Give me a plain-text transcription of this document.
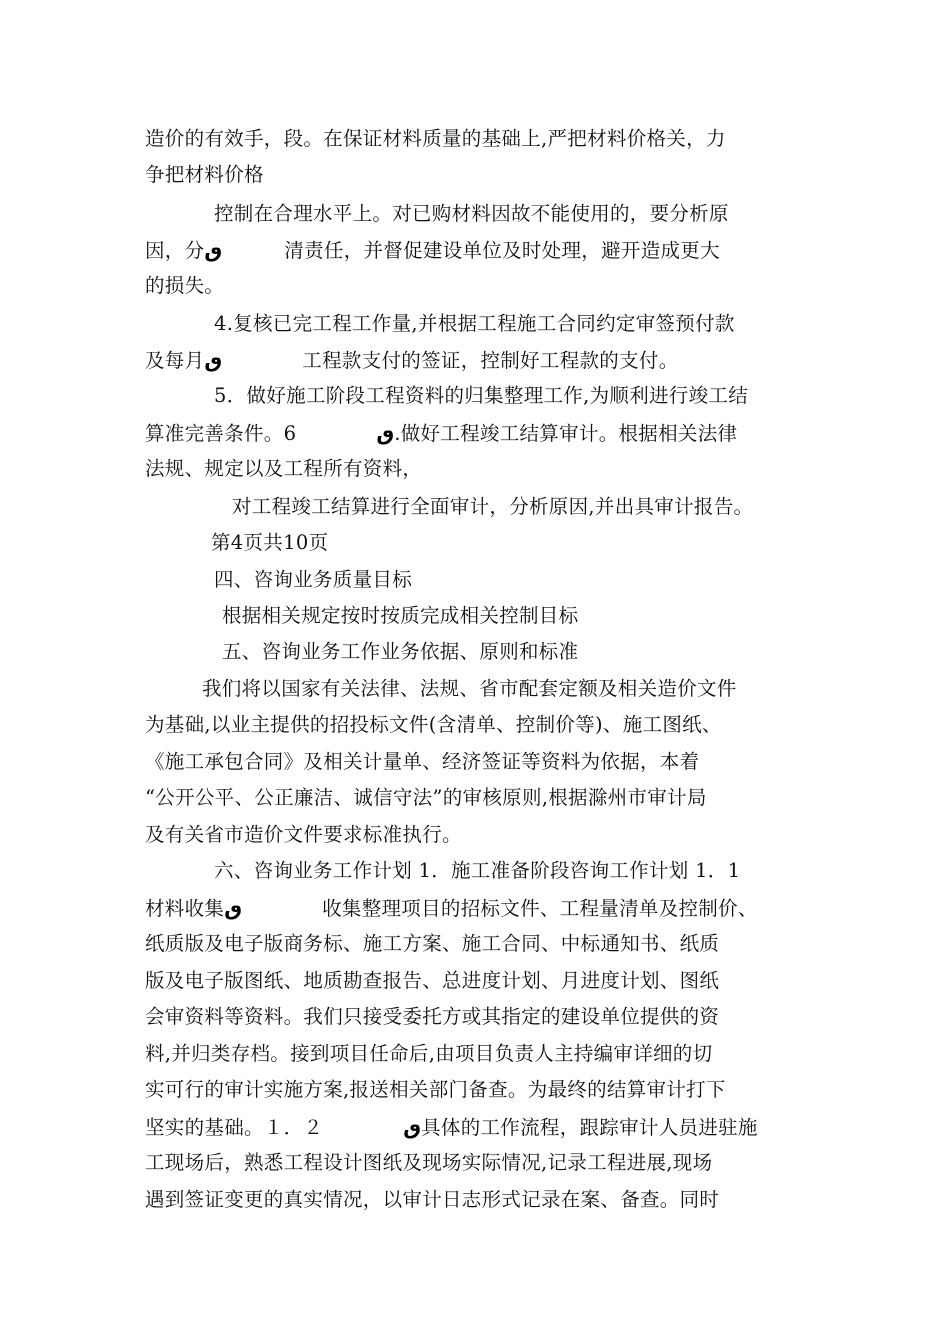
造价的有效手，段。在保证材料质量的基础上,严把材料价格关，力
争把材料价格
控制在合理水平上。对已购材料因故不能使用的，要分析原
因，分ٯ	清责任，并督促建设单位及时处理，避开造成更大
的损失。
4.复核已完工程工作量,并根据工程施工合同约定审签预付款
及每月ٯ	工程款支付的签证，控制好工程款的支付。
5．做好施工阶段工程资料的归集整理工作,为顺利进行竣工结
算准完善条件。6	ٯ.做好工程竣工结算审计。根据相关法律
法规、规定以及工程所有资料，
对工程竣工结算进行全面审计，分析原因,并出具审计报告。
第4页共10页
四、咨询业务质量目标
根据相关规定按时按质完成相关控制目标
五、咨询业务工作业务依据、原则和标准
我们将以国家有关法律、法规、省市配套定额及相关造价文件
为基础,以业主提供的招投标文件(含清单、控制价等)、施工图纸、
《施工承包合同》及相关计量单、经济签证等资料为依据，本着
“公开公平、公正廉洁、诚信守法”的审核原则,根据滁州市审计局
及有关省市造价文件要求标准执行。
六、咨询业务工作计划 1．施工准备阶段咨询工作计划 1．1
材料收集ٯ	收集整理项目的招标文件、工程量清单及控制价、
纸质版及电子版商务标、施工方案、施工合同、中标通知书、纸质
版及电子版图纸、地质勘查报告、总进度计划、月进度计划、图纸
会审资料等资料。我们只接受委托方或其指定的建设单位提供的资
料,并归类存档。接到项目任命后,由项目负责人主持编审详细的切
实可行的审计实施方案,报送相关部门备查。为最终的结算审计打下
坚实的基础。１．２	ٯ具体的工作流程，跟踪审计人员进驻施
工现场后，熟悉工程设计图纸及现场实际情况,记录工程进展,现场
遇到签证变更的真实情况，以审计日志形式记录在案、备查。同时
